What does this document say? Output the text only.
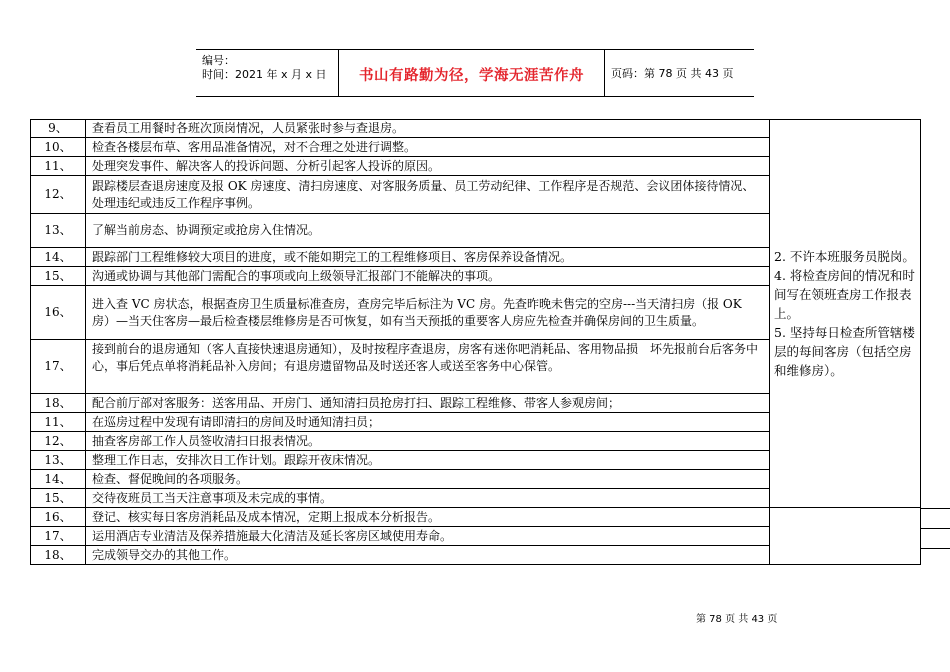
编号：
时间：2021 年 x 月 x 日	书山有路勤为径，学海无涯苦作舟	页码：第 78 页 共 43 页
9、	查看员工用餐时各班次顶岗情况，人员紧张时参与查退房。	2. 不许本班服务员脱岗。

4. 将检查房间的情况和时间写在领班查房工作报表上。

5. 坚持每日检查所管辖楼层的每间客房（包括空房和维修房）。

10、	检查各楼层布草、客用品准备情况，对不合理之处进行调整。	
11、	处理突发事件、解决客人的投诉问题、分析引起客人投诉的原因。	
12、	跟踪楼层查退房速度及报 OK 房速度、清扫房速度、对客服务质量、员工劳动纪律、工作程序是否规范、会议团体接待情况、处理违纪或违反工作程序事例。	
13、	了解当前房态、协调预定或抢房入住情况。	
14、	跟踪部门工程维修较大项目的进度，或不能如期完工的工程维修项目、客房保养设备情况。	
15、	沟通或协调与其他部门需配合的事项或向上级领导汇报部门不能解决的事项。	
16、	进入查 VC 房状态，根据查房卫生质量标准查房，查房完毕后标注为 VC 房。先查昨晚未售完的空房---当天清扫房（报 OK 房）—当天住客房—最后检查楼层维修房是否可恢复，如有当天预抵的重要客人房应先检查并确保房间的卫生质量。	
17、	接到前台的退房通知（客人直接快速退房通知），及时按程序查退房，房客有迷你吧消耗品、客用物品损　坏先报前台后客务中心，事后凭点单将消耗品补入房间；有退房遗留物品及时送还客人或送至客务中心保管。	
18、	配合前厅部对客服务：送客用品、开房门、通知清扫员抢房打扫、跟踪工程维修、带客人参观房间；	
11、	在巡房过程中发现有请即清扫的房间及时通知清扫员；	
12、	抽查客房部工作人员签收清扫日报表情况。	
13、	整理工作日志，安排次日工作计划。跟踪开夜床情况。	
14、	检查、督促晚间的各项服务。	
15、	交待夜班员工当天注意事项及未完成的事情。	
16、	登记、核实每日客房消耗品及成本情况，定期上报成本分析报告。	
17、	运用酒店专业清洁及保养措施最大化清洁及延长客房区域使用寿命。	
18、	完成领导交办的其他工作。	
第 78 页 共 43 页
